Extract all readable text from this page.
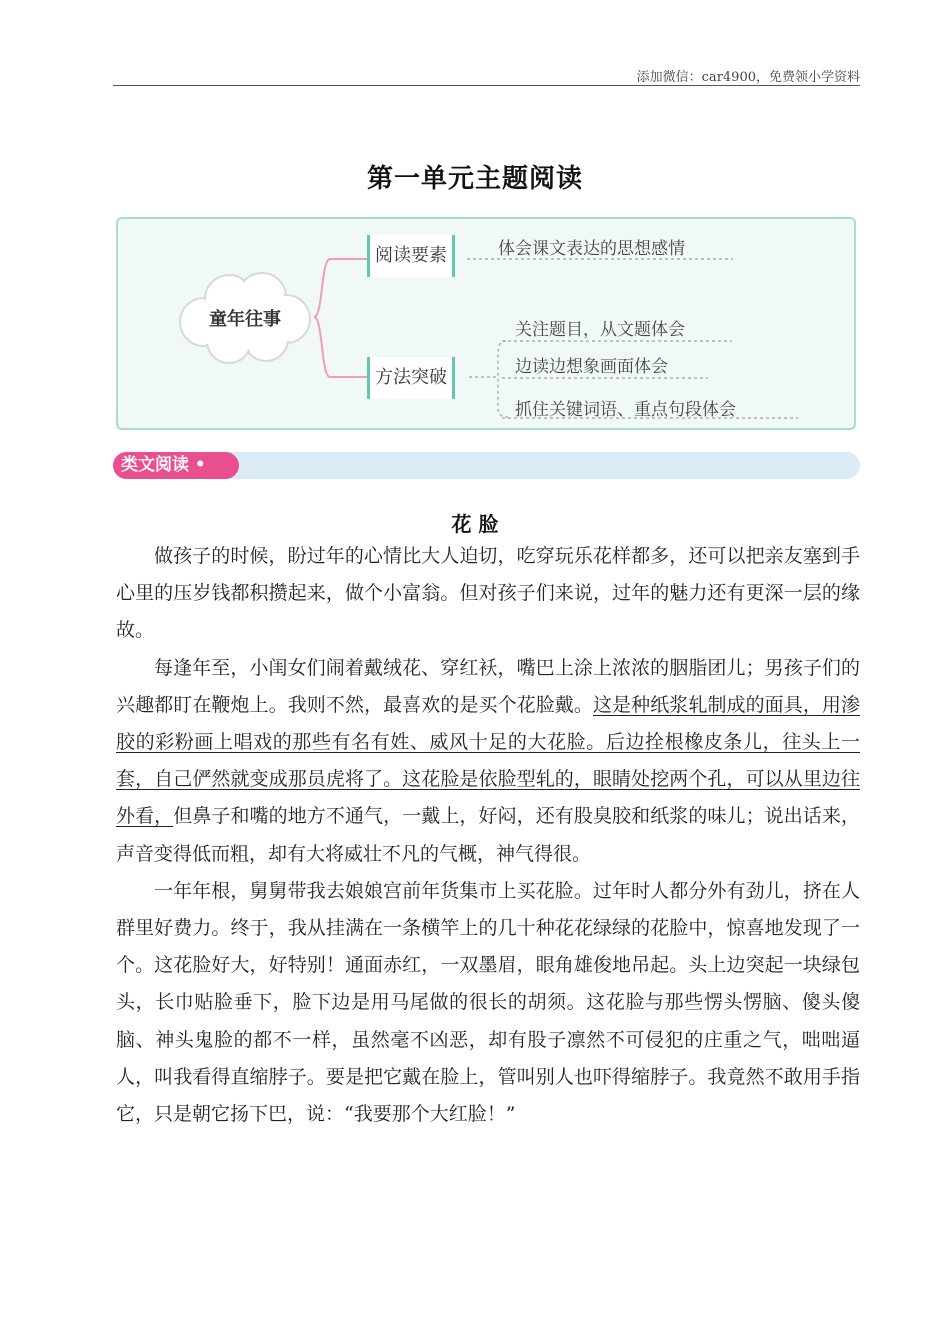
添加微信：car4900，免费领小学资料
第一单元主题阅读
童年往事
阅读要素
方法突破
体会课文表达的思想感情
关注题目，从文题体会
边读边想象画面体会
抓住关键词语、重点句段体会
类文阅读 •
花 脸

做孩子的时候，盼过年的心情比大人迫切，吃穿玩乐花样都多，还可以把亲友塞到手心里的压岁钱都积攒起来，做个小富翁。但对孩子们来说，过年的魅力还有更深一层的缘故。

每逢年至，小闺女们闹着戴绒花、穿红袄，嘴巴上涂上浓浓的胭脂团儿；男孩子们的兴趣都盯在鞭炮上。我则不然，最喜欢的是买个花脸戴。这是种纸浆轧制成的面具，用渗胶的彩粉画上唱戏的那些有名有姓、威风十足的大花脸。后边拴根橡皮条儿，往头上一套，自己俨然就变成那员虎将了。这花脸是依脸型轧的，眼睛处挖两个孔，可以从里边往外看，但鼻子和嘴的地方不通气，一戴上，好闷，还有股臭胶和纸浆的味儿；说出话来，声音变得低而粗，却有大将威壮不凡的气概，神气得很。

一年年根，舅舅带我去娘娘宫前年货集市上买花脸。过年时人都分外有劲儿，挤在人群里好费力。终于，我从挂满在一条横竿上的几十种花花绿绿的花脸中，惊喜地发现了一个。这花脸好大，好特别！通面赤红，一双墨眉，眼角雄俊地吊起。头上边突起一块绿包头，长巾贴脸垂下，脸下边是用马尾做的很长的胡须。这花脸与那些愣头愣脑、傻头傻脑、神头鬼脸的都不一样，虽然毫不凶恶，却有股子凛然不可侵犯的庄重之气，咄咄逼人，叫我看得直缩脖子。要是把它戴在脸上，管叫别人也吓得缩脖子。我竟然不敢用手指它，只是朝它扬下巴，说：“我要那个大红脸！”
